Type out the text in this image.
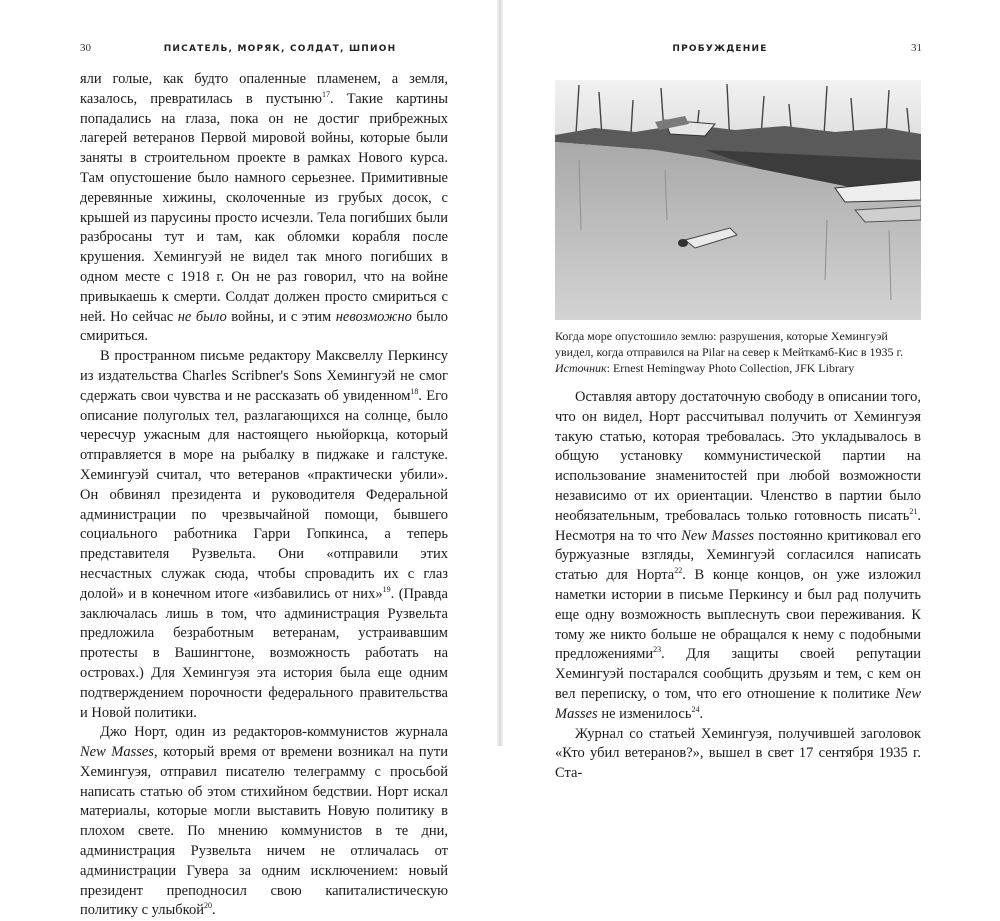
30	ПИСАТЕЛЬ, МОРЯК, СОЛДАТ, ШПИОН

яли голые, как будто опаленные пламенем, а земля, казалось, превратилась в пустыню$^{17}$. Такие картины попадались на глаза, пока он не достиг прибрежных лагерей ветеранов Первой мировой войны, которые были заняты в строительном проекте в рамках Нового курса. Там опустошение было намного серьезнее. Примитивные деревянные хижины, сколоченные из грубых досок, с крышей из парусины просто исчезли. Тела погибших были разбросаны тут и там, как обломки корабля после крушения. Хемингуэй не видел так много погибших в одном месте с 1918 г. Он не раз говорил, что на войне привыкаешь к смерти. Солдат должен просто смириться с ней. Но сейчас не было войны, и с этим невозможно было смириться.

В пространном письме редактору Максвеллу Перкинсу из издательства Charles Scribner's Sons Хемингуэй не смог сдержать свои чувства и не рассказать об увиденном$^{18}$. Его описание полуголых тел, разлагающихся на солнце, было чересчур ужасным для настоящего ньюйоркца, который отправляется в море на рыбалку в пиджаке и галстуке. Хемингуэй считал, что ветеранов «практически убили». Он обвинял президента и руководителя Федеральной администрации по чрезвычайной помощи, бывшего социального работника Гарри Гопкинса, а теперь представителя Рузвельта. Они «отправили этих несчастных служак сюда, чтобы спровадить их с глаз долой» и в конечном итоге «избавились от них»$^{19}$. (Правда заключалась лишь в том, что администрация Рузвельта предложила безработным ветеранам, устраивавшим протесты в Вашингтоне, возможность работать на островах.) Для Хемингуэя эта история была еще одним подтверждением порочности федерального правительства и Новой политики.

Джо Норт, один из редакторов-коммунистов журнала New Masses, который время от времени возникал на пути Хемингуэя, отправил писателю телеграмму с просьбой написать статью об этом стихийном бедствии. Норт искал материалы, которые могли выставить Новую политику в плохом свете. По мнению коммунистов в те дни, администрация Рузвельта ничем не отличалась от администрации Гувера за одним исключением: новый президент преподносил свою капиталистическую политику с улыбкой$^{20}$.

ПРОБУЖДЕНИЕ	31
Когда море опустошило землю: разрушения, которые Хемингуэй
увидел, когда отправился на Pilar на север к Мейткамб-Кис в 1935 г.
Источник: Ernest Hemingway Photo Collection, JFK Library

Оставляя автору достаточную свободу в описании того, что он видел, Норт рассчитывал получить от Хемингуэя такую статью, которая требовалась. Это укладывалось в общую установку коммунистической партии на использование знаменитостей при любой возможности независимо от их ориентации. Членство в партии было необязательным, требовалась только готовность писать$^{21}$. Несмотря на то что New Masses постоянно критиковал его буржуазные взгляды, Хемингуэй согласился написать статью для Норта$^{22}$. В конце концов, он уже изложил наметки истории в письме Перкинсу и был рад получить еще одну возможность выплеснуть свои переживания. К тому же никто больше не обращался к нему с подобными предложениями$^{23}$. Для защиты своей репутации Хемингуэй постарался сообщить друзьям и тем, с кем он вел переписку, о том, что его отношение к политике New Masses не изменилось$^{24}$.

Журнал со статьей Хемингуэя, получившей заголовок «Кто убил ветеранов?», вышел в свет 17 сентября 1935 г. Ста-
